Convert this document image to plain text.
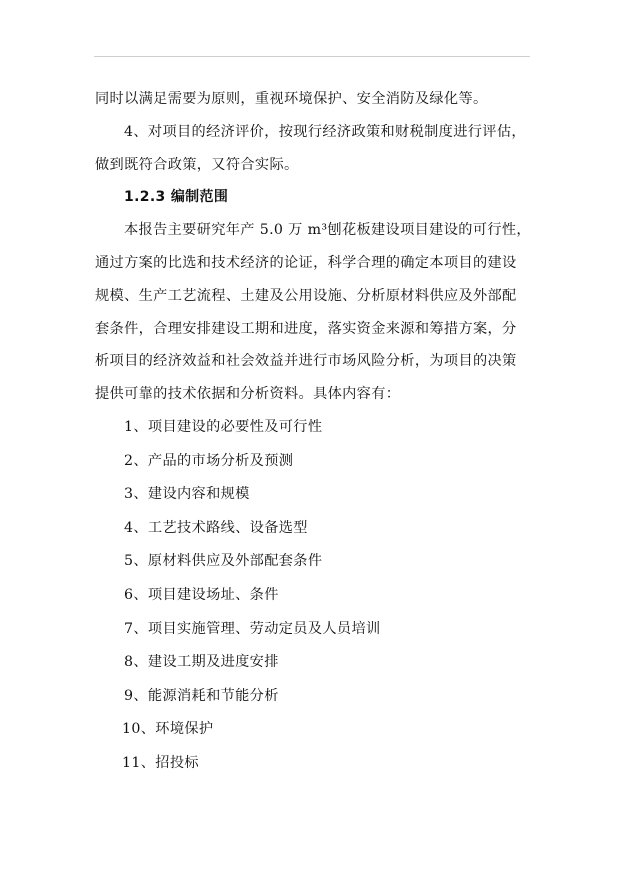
同时以满足需要为原则，重视环境保护、安全消防及绿化等。

4、对项目的经济评价，按现行经济政策和财税制度进行评估，

做到既符合政策，又符合实际。

1.2.3 编制范围

本报告主要研究年产 5.0 万 m³刨花板建设项目建设的可行性，

通过方案的比选和技术经济的论证，科学合理的确定本项目的建设

规模、生产工艺流程、土建及公用设施、分析原材料供应及外部配

套条件，合理安排建设工期和进度，落实资金来源和筹措方案，分

析项目的经济效益和社会效益并进行市场风险分析，为项目的决策

提供可靠的技术依据和分析资料。具体内容有：

1、项目建设的必要性及可行性

2、产品的市场分析及预测

3、建设内容和规模

4、工艺技术路线、设备选型

5、原材料供应及外部配套条件

6、项目建设场址、条件

7、项目实施管理、劳动定员及人员培训

8、建设工期及进度安排

9、能源消耗和节能分析

10、环境保护

11、招投标
